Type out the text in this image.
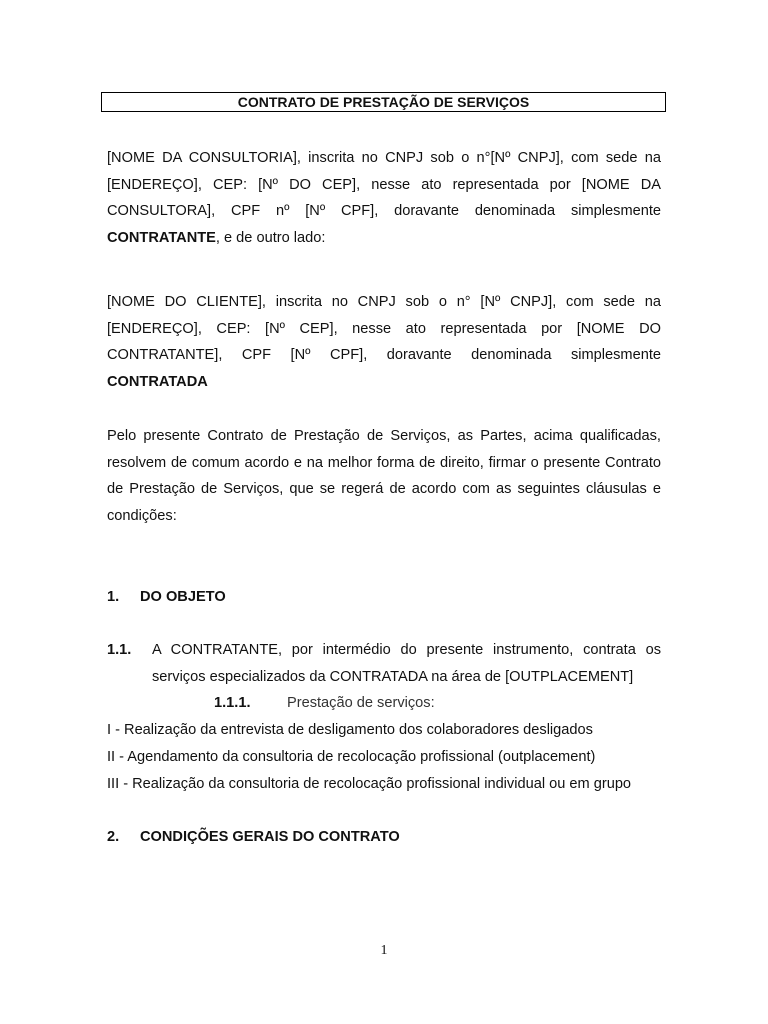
CONTRATO DE PRESTAÇÃO DE SERVIÇOS

[NOME DA CONSULTORIA], inscrita no CNPJ sob o n°[Nº CNPJ], com sede na [ENDEREÇO], CEP: [Nº DO CEP], nesse ato representada por [NOME DA CONSULTORA], CPF nº [Nº CPF], doravante denominada simplesmente CONTRATANTE, e de outro lado:

[NOME DO CLIENTE], inscrita no CNPJ sob o n° [Nº CNPJ], com sede na [ENDEREÇO], CEP: [Nº CEP], nesse ato representada por [NOME DO CONTRATANTE], CPF [Nº CPF], doravante denominada simplesmente CONTRATADA

Pelo presente Contrato de Prestação de Serviços, as Partes, acima qualificadas, resolvem de comum acordo e na melhor forma de direito, firmar o presente Contrato de Prestação de Serviços, que se regerá de acordo com as seguintes cláusulas e condições:

1. DO OBJETO
1.1. A CONTRATANTE, por intermédio do presente instrumento, contrata os serviços especializados da CONTRATADA na área de [OUTPLACEMENT]
1.1.1. Prestação de serviços:
I - Realização da entrevista de desligamento dos colaboradores desligados
II - Agendamento da consultoria de recolocação profissional (outplacement)
III - Realização da consultoria de recolocação profissional individual ou em grupo
2. CONDIÇÕES GERAIS DO CONTRATO
1
